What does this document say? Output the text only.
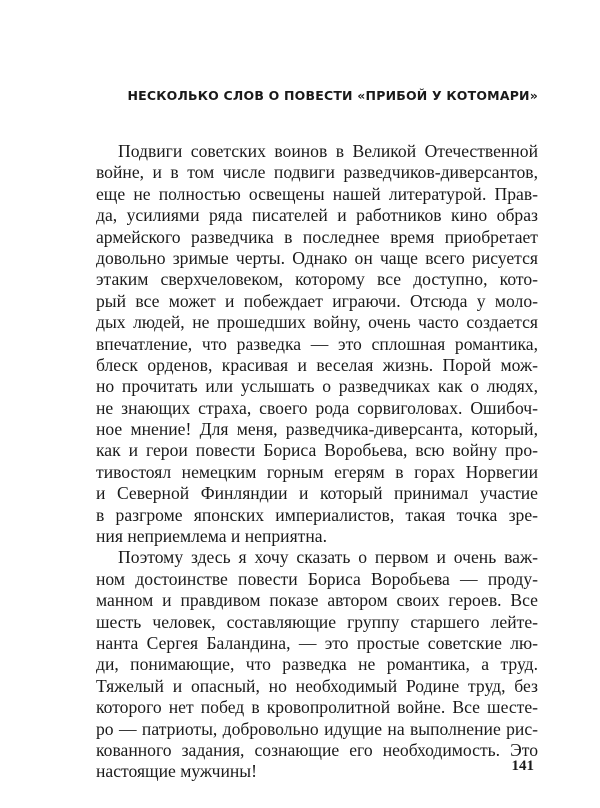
НЕСКОЛЬКО СЛОВ О ПОВЕСТИ «ПРИБОЙ У КОТОМАРИ»
Подвиги советских воинов в Великой Отечественной
войне, и в том числе подвиги разведчиков-диверсантов,
еще не полностью освещены нашей литературой. Прав-
да, усилиями ряда писателей и работников кино образ
армейского разведчика в последнее время приобретает
довольно зримые черты. Однако он чаще всего рисуется
этаким сверхчеловеком, которому все доступно, кото-
рый все может и побеждает играючи. Отсюда у моло-
дых людей, не прошедших войну, очень часто создается
впечатление, что разведка — это сплошная романтика,
блеск орденов, красивая и веселая жизнь. Порой мож-
но прочитать или услышать о разведчиках как о людях,
не знающих страха, своего рода сорвиголовах. Ошибоч-
ное мнение! Для меня, разведчика-диверсанта, который,
как и герои повести Бориса Воробьева, всю войну про-
тивостоял немецким горным егерям в горах Норвегии
и Северной Финляндии и который принимал участие
в разгроме японских империалистов, такая точка зре-
ния неприемлема и неприятна.
Поэтому здесь я хочу сказать о первом и очень важ-
ном достоинстве повести Бориса Воробьева — проду-
манном и правдивом показе автором своих героев. Все
шесть человек, составляющие группу старшего лейте-
нанта Сергея Баландина, — это простые советские лю-
ди, понимающие, что разведка не романтика, а труд.
Тяжелый и опасный, но необходимый Родине труд, без
которого нет побед в кровопролитной войне. Все шесте-
ро — патриоты, добровольно идущие на выполнение рис-
кованного задания, сознающие его необходимость. Это
настоящие мужчины!	141
